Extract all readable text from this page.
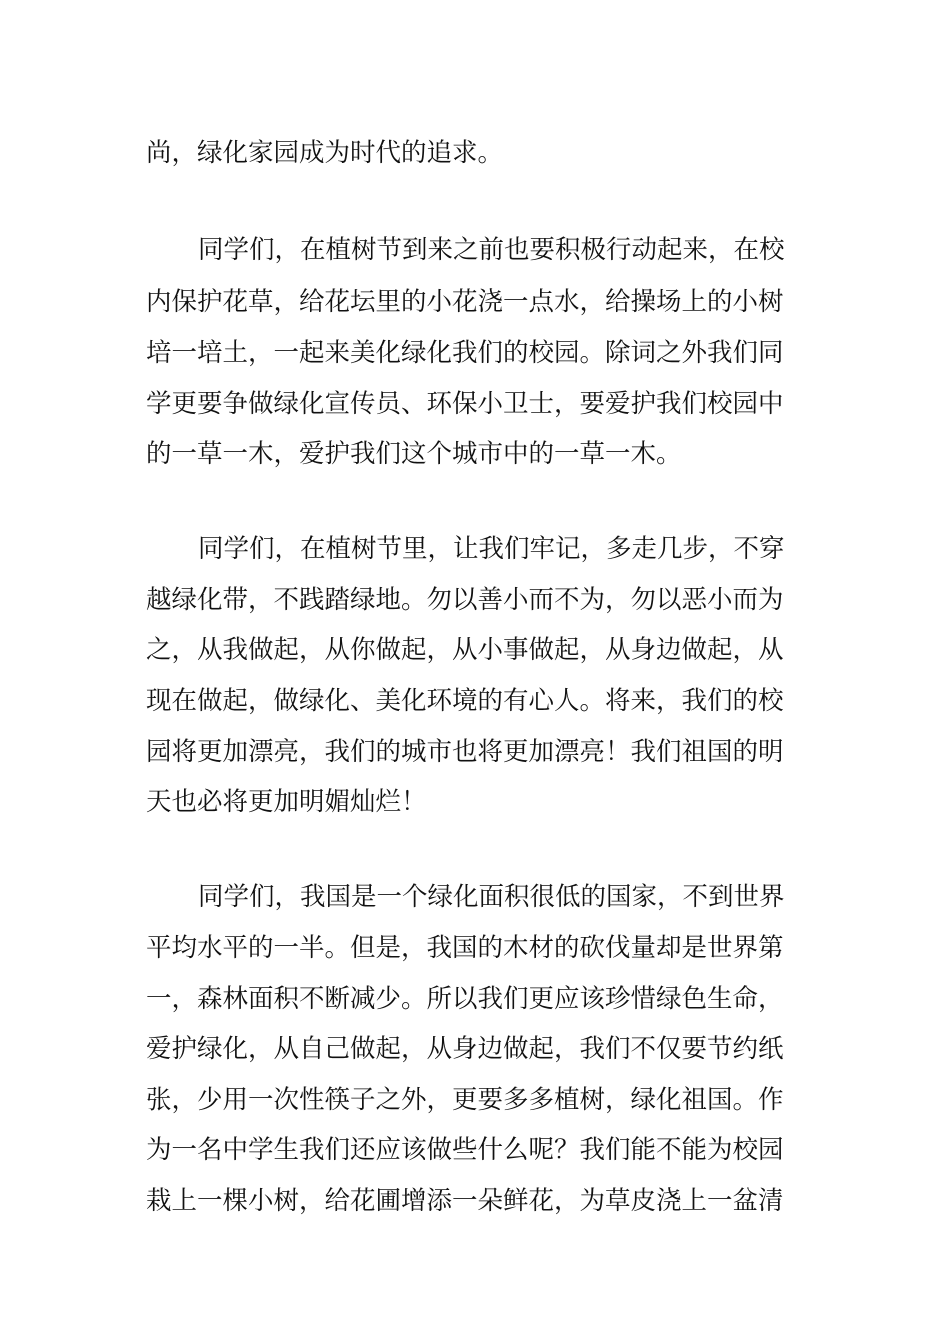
尚，绿化家园成为时代的追求。
同学们，在植树节到来之前也要积极行动起来，在校
内保护花草，给花坛里的小花浇一点水，给操场上的小树
培一培土，一起来美化绿化我们的校园。除词之外我们同
学更要争做绿化宣传员、环保小卫士，要爱护我们校园中
的一草一木，爱护我们这个城市中的一草一木。
同学们，在植树节里，让我们牢记，多走几步，不穿
越绿化带，不践踏绿地。勿以善小而不为，勿以恶小而为
之，从我做起，从你做起，从小事做起，从身边做起，从
现在做起，做绿化、美化环境的有心人。将来，我们的校
园将更加漂亮，我们的城市也将更加漂亮！我们祖国的明
天也必将更加明媚灿烂！
同学们，我国是一个绿化面积很低的国家，不到世界
平均水平的一半。但是，我国的木材的砍伐量却是世界第
一，森林面积不断减少。所以我们更应该珍惜绿色生命，
爱护绿化，从自己做起，从身边做起，我们不仅要节约纸
张，少用一次性筷子之外，更要多多植树，绿化祖国。作
为一名中学生我们还应该做些什么呢？我们能不能为校园
栽上一棵小树，给花圃增添一朵鲜花，为草皮浇上一盆清
